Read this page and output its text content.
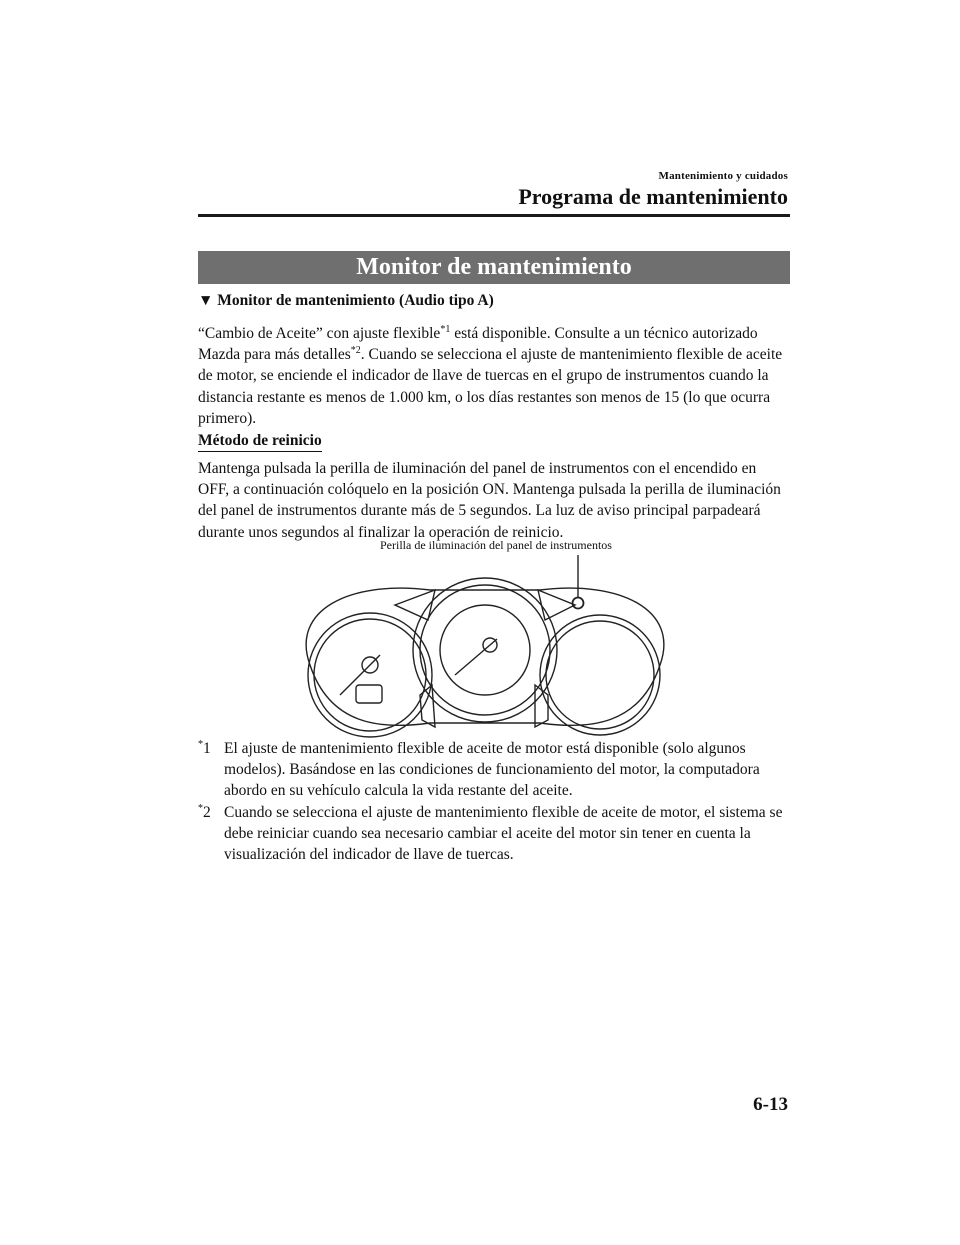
Mantenimiento y cuidados
Programa de mantenimiento
Monitor de mantenimiento
▼ Monitor de mantenimiento (Audio tipo A)
“Cambio de Aceite” con ajuste flexible$^{*1}$ está disponible. Consulte a un técnico autorizado Mazda para más detalles$^{*2}$. Cuando se selecciona el ajuste de mantenimiento flexible de aceite de motor, se enciende el indicador de llave de tuercas en el grupo de instrumentos cuando la distancia restante es menos de 1.000 km, o los días restantes son menos de 15 (lo que ocurra primero).
Método de reinicio
Mantenga pulsada la perilla de iluminación del panel de instrumentos con el encendido en OFF, a continuación colóquelo en la posición ON. Mantenga pulsada la perilla de iluminación del panel de instrumentos durante más de 5 segundos. La luz de aviso principal parpadeará durante unos segundos al finalizar la operación de reinicio.
Perilla de iluminación del panel de instrumentos
*1 El ajuste de mantenimiento flexible de aceite de motor está disponible (solo algunos modelos). Basándose en las condiciones de funcionamiento del motor, la computadora abordo en su vehículo calcula la vida restante del aceite.
*2 Cuando se selecciona el ajuste de mantenimiento flexible de aceite de motor, el sistema se debe reiniciar cuando sea necesario cambiar el aceite del motor sin tener en cuenta la visualización del indicador de llave de tuercas.
6-13
